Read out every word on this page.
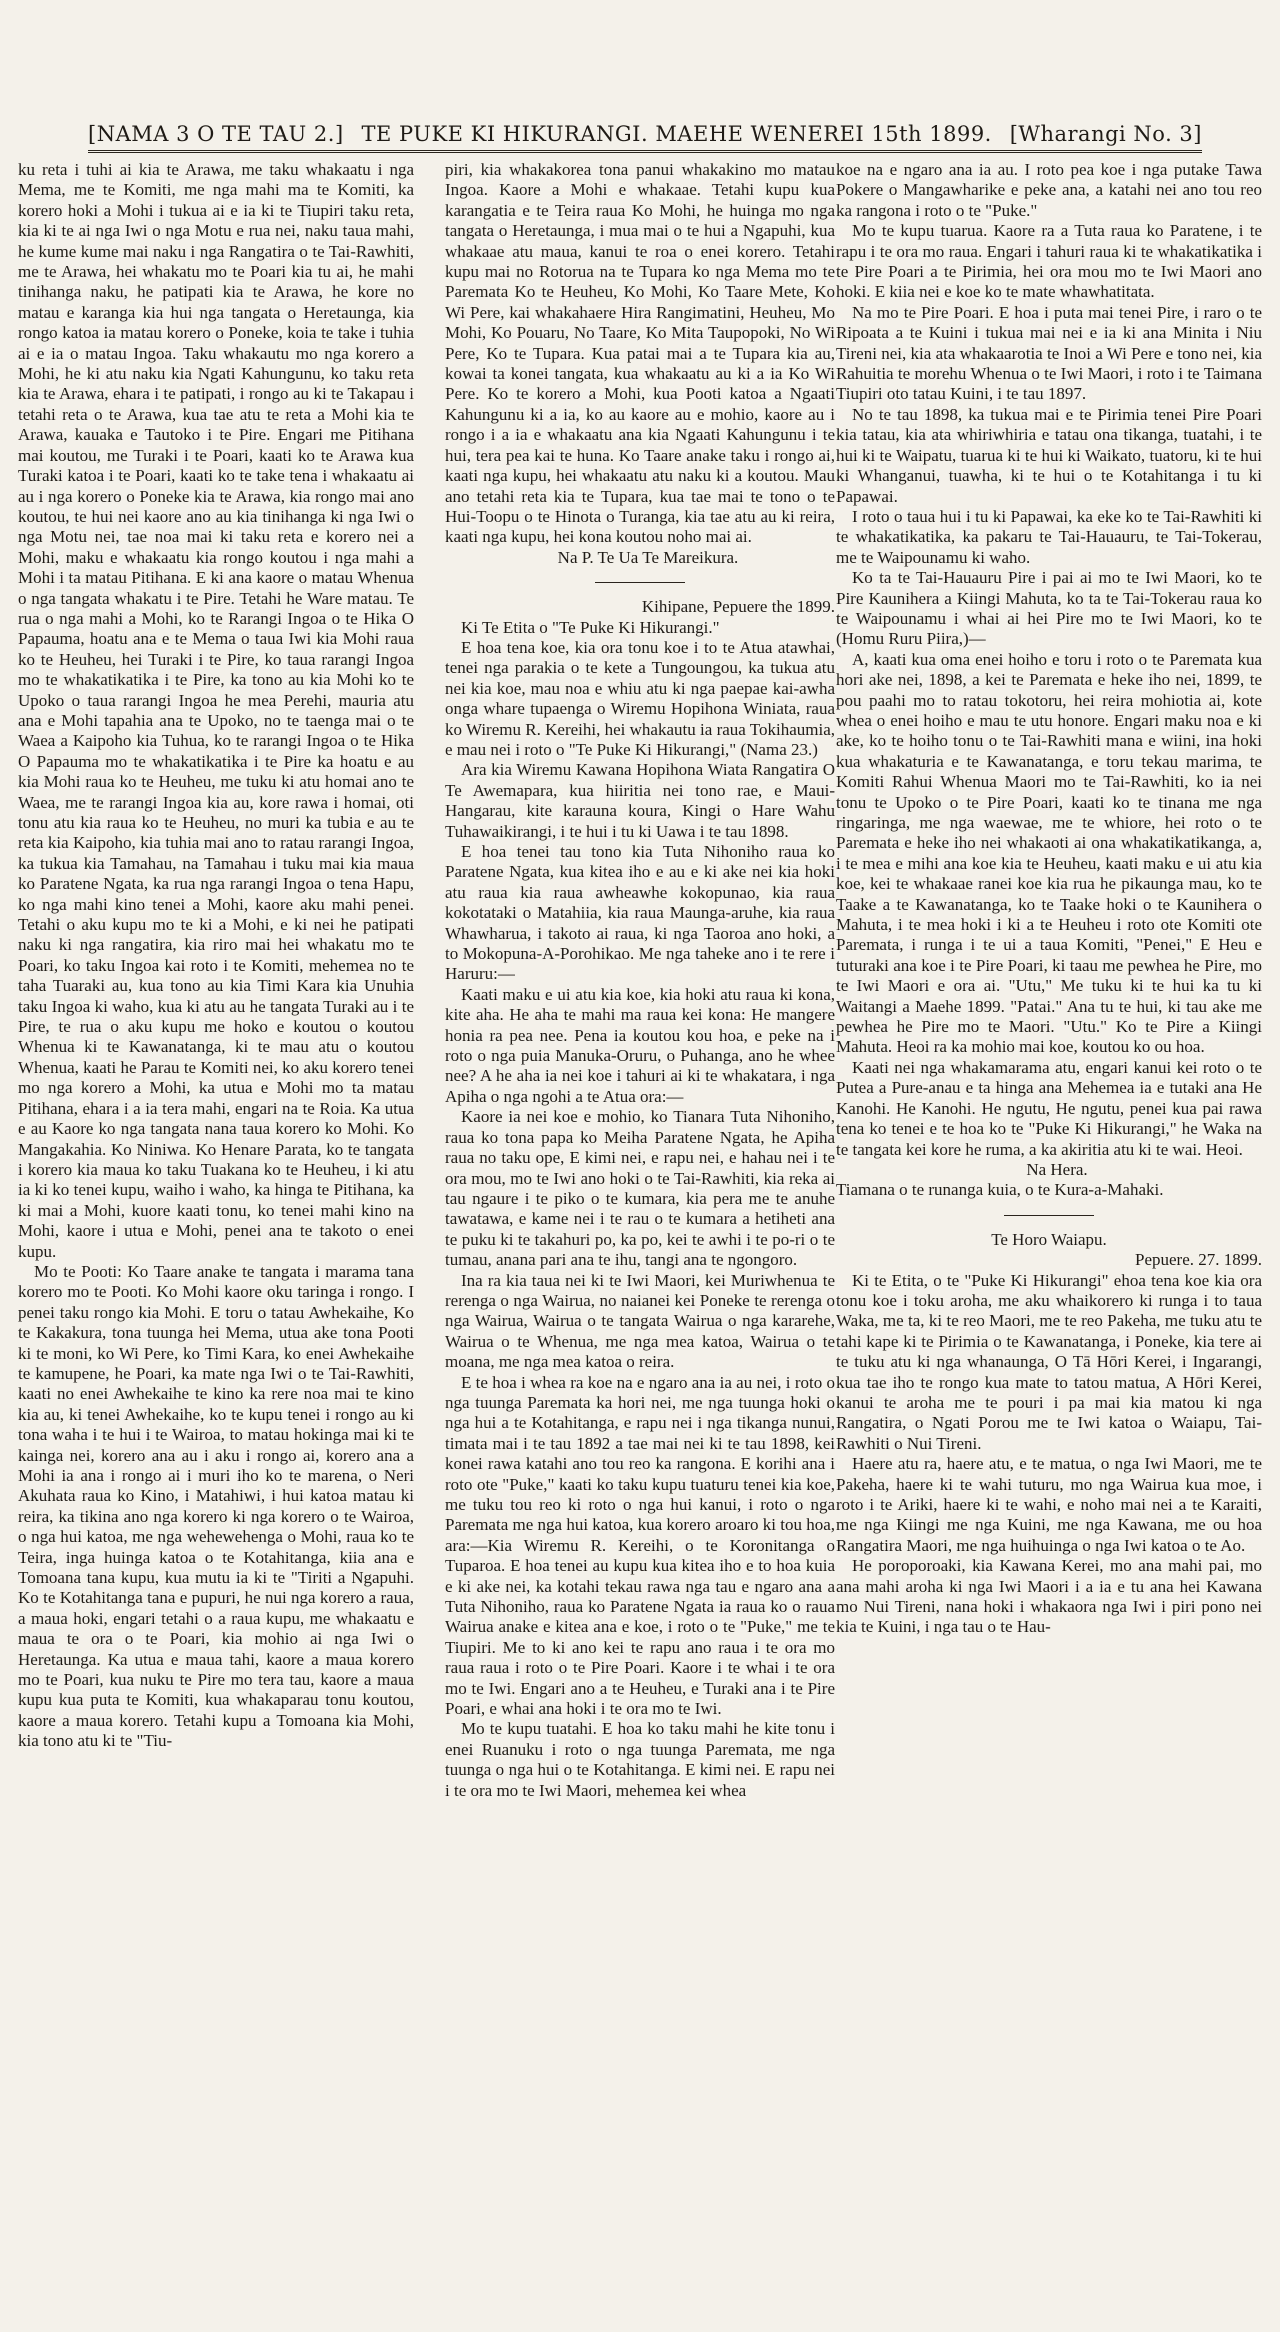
[NAMA 3 O TE TAU 2.] TE PUKE KI HIKURANGI. MAEHE WENEREI 15th 1899. [Wharangi No. 3]

ku reta i tuhi ai kia te Arawa, me taku whakaatu i nga Mema, me te Komiti, me nga mahi ma te Komiti, ka korero hoki a Mohi i tukua ai e ia ki te Tiupiri taku reta, kia ki te ai nga Iwi o nga Motu e rua nei, naku taua mahi, he kume kume mai naku i nga Rangatira o te Tai-Rawhiti, me te Arawa, hei whakatu mo te Poari kia tu ai, he mahi tinihanga naku, he patipati kia te Arawa, he kore no matau e karanga kia hui nga tangata o Heretaunga, kia rongo katoa ia matau korero o Poneke, koia te take i tuhia ai e ia o matau Ingoa. Taku whakautu mo nga korero a Mohi, he ki atu naku kia Ngati Kahungunu, ko taku reta kia te Arawa, ehara i te patipati, i rongo au ki te Takapau i tetahi reta o te Arawa, kua tae atu te reta a Mohi kia te Arawa, kauaka e Tautoko i te Pire. Engari me Pitihana mai koutou, me Turaki i te Poari, kaati ko te Arawa kua Turaki katoa i te Poari, kaati ko te take tena i whakaatu ai au i nga korero o Poneke kia te Arawa, kia rongo mai ano koutou, te hui nei kaore ano au kia tinihanga ki nga Iwi o nga Motu nei, tae noa mai ki taku reta e korero nei a Mohi, maku e whakaatu kia rongo koutou i nga mahi a Mohi i ta matau Pitihana. E ki ana kaore o matau Whenua o nga tangata whakatu i te Pire. Tetahi he Ware matau. Te rua o nga mahi a Mohi, ko te Rarangi Ingoa o te Hika O Papauma, hoatu ana e te Mema o taua Iwi kia Mohi raua ko te Heuheu, hei Turaki i te Pire, ko taua rarangi Ingoa mo te whakatikatika i te Pire, ka tono au kia Mohi ko te Upoko o taua rarangi Ingoa he mea Perehi, mauria atu ana e Mohi tapahia ana te Upoko, no te taenga mai o te Waea a Kaipoho kia Tuhua, ko te rarangi Ingoa o te Hika O Papauma mo te whakatikatika i te Pire ka hoatu e au kia Mohi raua ko te Heuheu, me tuku ki atu homai ano te Waea, me te rarangi Ingoa kia au, kore rawa i homai, oti tonu atu kia raua ko te Heuheu, no muri ka tubia e au te reta kia Kaipoho, kia tuhia mai ano to ratau rarangi Ingoa, ka tukua kia Tamahau, na Tamahau i tuku mai kia maua ko Paratene Ngata, ka rua nga rarangi Ingoa o tena Hapu, ko nga mahi kino tenei a Mohi, kaore aku mahi penei. Tetahi o aku kupu mo te ki a Mohi, e ki nei he patipati naku ki nga rangatira, kia riro mai hei whakatu mo te Poari, ko taku Ingoa kai roto i te Komiti, mehemea no te taha Tuaraki au, kua tono au kia Timi Kara kia Unuhia taku Ingoa ki waho, kua ki atu au he tangata Turaki au i te Pire, te rua o aku kupu me hoko e koutou o koutou Whenua ki te Kawanatanga, ki te mau atu o koutou Whenua, kaati he Parau te Komiti nei, ko aku korero tenei mo nga korero a Mohi, ka utua e Mohi mo ta matau Pitihana, ehara i a ia tera mahi, engari na te Roia. Ka utua e au Kaore ko nga tangata nana taua korero ko Mohi. Ko Mangakahia. Ko Niniwa. Ko Henare Parata, ko te tangata i korero kia maua ko taku Tuakana ko te Heuheu, i ki atu ia ki ko tenei kupu, waiho i waho, ka hinga te Pitihana, ka ki mai a Mohi, kuore kaati tonu, ko tenei mahi kino na Mohi, kaore i utua e Mohi, penei ana te takoto o enei kupu.

Mo te Pooti: Ko Taare anake te tangata i marama tana korero mo te Pooti. Ko Mohi kaore oku taringa i rongo. I penei taku rongo kia Mohi. E toru o tatau Awhekaihe, Ko te Kakakura, tona tuunga hei Mema, utua ake tona Pooti ki te moni, ko Wi Pere, ko Timi Kara, ko enei Awhekaihe te kamupene, he Poari, ka mate nga Iwi o te Tai-Rawhiti, kaati no enei Awhekaihe te kino ka rere noa mai te kino kia au, ki tenei Awhekaihe, ko te kupu tenei i rongo au ki tona waha i te hui i te Wairoa, to matau hokinga mai ki te kainga nei, korero ana au i aku i rongo ai, korero ana a Mohi ia ana i rongo ai i muri iho ko te marena, o Neri Akuhata raua ko Kino, i Matahiwi, i hui katoa matau ki reira, ka tikina ano nga korero ki nga korero o te Wairoa, o nga hui katoa, me nga wehewehenga o Mohi, raua ko te Teira, inga huinga katoa o te Kotahitanga, kiia ana e Tomoana tana kupu, kua mutu ia ki te "Tiriti a Ngapuhi. Ko te Kotahitanga tana e pupuri, he nui nga korero a raua, a maua hoki, engari tetahi o a raua kupu, me whakaatu e maua te ora o te Poari, kia mohio ai nga Iwi o Heretaunga. Ka utua e maua tahi, kaore a maua korero mo te Poari, kua nuku te Pire mo tera tau, kaore a maua kupu kua puta te Komiti, kua whakaparau tonu koutou, kaore a maua korero. Tetahi kupu a Tomoana kia Mohi, kia tono atu ki te "Tiu-

piri, kia whakakorea tona panui whakakino mo matau Ingoa. Kaore a Mohi e whakaae. Tetahi kupu kua karangatia e te Teira raua Ko Mohi, he huinga mo nga tangata o Heretaunga, i mua mai o te hui a Ngapuhi, kua whakaae atu maua, kanui te roa o enei korero. Tetahi kupu mai no Rotorua na te Tupara ko nga Mema mo te Paremata Ko te Heuheu, Ko Mohi, Ko Taare Mete, Ko Wi Pere, kai whakahaere Hira Rangimatini, Heuheu, Mo Mohi, Ko Pouaru, No Taare, Ko Mita Taupopoki, No Wi Pere, Ko te Tupara. Kua patai mai a te Tupara kia au, kowai ta konei tangata, kua whakaatu au ki a ia Ko Wi Pere. Ko te korero a Mohi, kua Pooti katoa a Ngaati Kahungunu ki a ia, ko au kaore au e mohio, kaore au i rongo i a ia e whakaatu ana kia Ngaati Kahungunu i te hui, tera pea kai te huna. Ko Taare anake taku i rongo ai, kaati nga kupu, hei whakaatu atu naku ki a koutou. Mau ano tetahi reta kia te Tupara, kua tae mai te tono o te Hui-Toopu o te Hinota o Turanga, kia tae atu au ki reira, kaati nga kupu, hei kona koutou noho mai ai.

Na P. Te Ua Te Mareikura.

Kihipane, Pepuere the 1899.

Ki Te Etita o "Te Puke Ki Hikurangi."

E hoa tena koe, kia ora tonu koe i to te Atua atawhai, tenei nga parakia o te kete a Tungoungou, ka tukua atu nei kia koe, mau noa e whiu atu ki nga paepae kai-awha onga whare tupaenga o Wiremu Hopihona Winiata, raua ko Wiremu R. Kereihi, hei whakautu ia raua Tokihaumia, e mau nei i roto o "Te Puke Ki Hikurangi," (Nama 23.)

Ara kia Wiremu Kawana Hopihona Wiata Rangatira O Te Awemapara, kua hiiritia nei tono rae, e Maui-Hangarau, kite karauna koura, Kingi o Hare Wahu Tuhawaikirangi, i te hui i tu ki Uawa i te tau 1898.

E hoa tenei tau tono kia Tuta Nihoniho raua ko Paratene Ngata, kua kitea iho e au e ki ake nei kia hoki atu raua kia raua awheawhe kokopunao, kia raua kokotataki o Matahiia, kia raua Maunga-aruhe, kia raua Whawharua, i takoto ai raua, ki nga Taoroa ano hoki, a to Mokopuna-A-Porohikao. Me nga taheke ano i te rere i Haruru:—

Kaati maku e ui atu kia koe, kia hoki atu raua ki kona, kite aha. He aha te mahi ma raua kei kona: He mangere honia ra pea nee. Pena ia koutou kou hoa, e peke na i roto o nga puia Manuka-Oruru, o Puhanga, ano he whee nee? A he aha ia nei koe i tahuri ai ki te whakatara, i nga Apiha o nga ngohi a te Atua ora:—

Kaore ia nei koe e mohio, ko Tianara Tuta Nihoniho, raua ko tona papa ko Meiha Paratene Ngata, he Apiha raua no taku ope, E kimi nei, e rapu nei, e hahau nei i te ora mou, mo te Iwi ano hoki o te Tai-Rawhiti, kia reka ai tau ngaure i te piko o te kumara, kia pera me te anuhe tawatawa, e kame nei i te rau o te kumara a hetiheti ana te puku ki te takahuri po, ka po, kei te awhi i te po-ri o te tumau, anana pari ana te ihu, tangi ana te ngongoro.

Ina ra kia taua nei ki te Iwi Maori, kei Muriwhenua te rerenga o nga Wairua, no naianei kei Poneke te rerenga o nga Wairua, Wairua o te tangata Wairua o nga kararehe, Wairua o te Whenua, me nga mea katoa, Wairua o te moana, me nga mea katoa o reira.

E te hoa i whea ra koe na e ngaro ana ia au nei, i roto o nga tuunga Paremata ka hori nei, me nga tuunga hoki o nga hui a te Kotahitanga, e rapu nei i nga tikanga nunui, timata mai i te tau 1892 a tae mai nei ki te tau 1898, kei konei rawa katahi ano tou reo ka rangona. E korihi ana i roto ote "Puke," kaati ko taku kupu tuaturu tenei kia koe, me tuku tou reo ki roto o nga hui kanui, i roto o nga Paremata me nga hui katoa, kua korero aroaro ki tou hoa, ara:—Kia Wiremu R. Kereihi, o te Koronitanga o Tuparoa. E hoa tenei au kupu kua kitea iho e to hoa kuia e ki ake nei, ka kotahi tekau rawa nga tau e ngaro ana a Tuta Nihoniho, raua ko Paratene Ngata ia raua ko o raua Wairua anake e kitea ana e koe, i roto o te "Puke," me te Tiupiri. Me to ki ano kei te rapu ano raua i te ora mo raua raua i roto o te Pire Poari. Kaore i te whai i te ora mo te Iwi. Engari ano a te Heuheu, e Turaki ana i te Pire Poari, e whai ana hoki i te ora mo te Iwi.

Mo te kupu tuatahi. E hoa ko taku mahi he kite tonu i enei Ruanuku i roto o nga tuunga Paremata, me nga tuunga o nga hui o te Kotahitanga. E kimi nei. E rapu nei i te ora mo te Iwi Maori, mehemea kei whea

koe na e ngaro ana ia au. I roto pea koe i nga putake Tawa Pokere o Mangawharike e peke ana, a katahi nei ano tou reo ka rangona i roto o te "Puke."

Mo te kupu tuarua. Kaore ra a Tuta raua ko Paratene, i te rapu i te ora mo raua. Engari i tahuri raua ki te whakatikatika i te Pire Poari a te Pirimia, hei ora mou mo te Iwi Maori ano hoki. E kiia nei e koe ko te mate whawhatitata.

Na mo te Pire Poari. E hoa i puta mai tenei Pire, i raro o te Ripoata a te Kuini i tukua mai nei e ia ki ana Minita i Niu Tireni nei, kia ata whakaarotia te Inoi a Wi Pere e tono nei, kia Rahuitia te morehu Whenua o te Iwi Maori, i roto i te Taimana Tiupiri oto tatau Kuini, i te tau 1897.

No te tau 1898, ka tukua mai e te Pirimia tenei Pire Poari kia tatau, kia ata whiriwhiria e tatau ona tikanga, tuatahi, i te hui ki te Waipatu, tuarua ki te hui ki Waikato, tuatoru, ki te hui ki Whanganui, tuawha, ki te hui o te Kotahitanga i tu ki Papawai.

I roto o taua hui i tu ki Papawai, ka eke ko te Tai-Rawhiti ki te whakatikatika, ka pakaru te Tai-Hauauru, te Tai-Tokerau, me te Waipounamu ki waho.

Ko ta te Tai-Hauauru Pire i pai ai mo te Iwi Maori, ko te Pire Kaunihera a Kiingi Mahuta, ko ta te Tai-Tokerau raua ko te Waipounamu i whai ai hei Pire mo te Iwi Maori, ko te (Homu Ruru Piira,)—

A, kaati kua oma enei hoiho e toru i roto o te Paremata kua hori ake nei, 1898, a kei te Paremata e heke iho nei, 1899, te pou paahi mo to ratau tokotoru, hei reira mohiotia ai, kote whea o enei hoiho e mau te utu honore. Engari maku noa e ki ake, ko te hoiho tonu o te Tai-Rawhiti mana e wiini, ina hoki kua whakaturia e te Kawanatanga, e toru tekau marima, te Komiti Rahui Whenua Maori mo te Tai-Rawhiti, ko ia nei tonu te Upoko o te Pire Poari, kaati ko te tinana me nga ringaringa, me nga waewae, me te whiore, hei roto o te Paremata e heke iho nei whakaoti ai ona whakatikatikanga, a, i te mea e mihi ana koe kia te Heuheu, kaati maku e ui atu kia koe, kei te whakaae ranei koe kia rua he pikaunga mau, ko te Taake a te Kawanatanga, ko te Taake hoki o te Kaunihera o Mahuta, i te mea hoki i ki a te Heuheu i roto ote Komiti ote Paremata, i runga i te ui a taua Komiti, "Penei," E Heu e tuturaki ana koe i te Pire Poari, ki taau me pewhea he Pire, mo te Iwi Maori e ora ai. "Utu," Me tuku ki te hui ka tu ki Waitangi a Maehe 1899. "Patai." Ana tu te hui, ki tau ake me pewhea he Pire mo te Maori. "Utu." Ko te Pire a Kiingi Mahuta. Heoi ra ka mohio mai koe, koutou ko ou hoa.

Kaati nei nga whakamarama atu, engari kanui kei roto o te Putea a Pure-anau e ta hinga ana Mehemea ia e tutaki ana He Kanohi. He Kanohi. He ngutu, He ngutu, penei kua pai rawa tena ko tenei e te hoa ko te "Puke Ki Hikurangi," he Waka na te tangata kei kore he ruma, a ka akiritia atu ki te wai. Heoi.

Na Hera.

Tiamana o te runanga kuia, o te Kura-a-Mahaki.

Te Horo Waiapu.

Pepuere. 27. 1899.

Ki te Etita, o te "Puke Ki Hikurangi" ehoa tena koe kia ora tonu koe i toku aroha, me aku whaikorero ki runga i to taua Waka, me ta, ki te reo Maori, me te reo Pakeha, me tuku atu te tahi kape ki te Pirimia o te Kawanatanga, i Poneke, kia tere ai te tuku atu ki nga whanaunga, O Tā Hōri Kerei, i Ingarangi, kua tae iho te rongo kua mate to tatou matua, A Hōri Kerei, kanui te aroha me te pouri i pa mai kia matou ki nga Rangatira, o Ngati Porou me te Iwi katoa o Waiapu, Tai-Rawhiti o Nui Tireni.

Haere atu ra, haere atu, e te matua, o nga Iwi Maori, me te Pakeha, haere ki te wahi tuturu, mo nga Wairua kua moe, i roto i te Ariki, haere ki te wahi, e noho mai nei a te Karaiti, me nga Kiingi me nga Kuini, me nga Kawana, me ou hoa Rangatira Maori, me nga huihuinga o nga Iwi katoa o te Ao.

He poroporoaki, kia Kawana Kerei, mo ana mahi pai, mo ana mahi aroha ki nga Iwi Maori i a ia e tu ana hei Kawana mo Nui Tireni, nana hoki i whakaora nga Iwi i piri pono nei kia te Kuini, i nga tau o te Hau-
